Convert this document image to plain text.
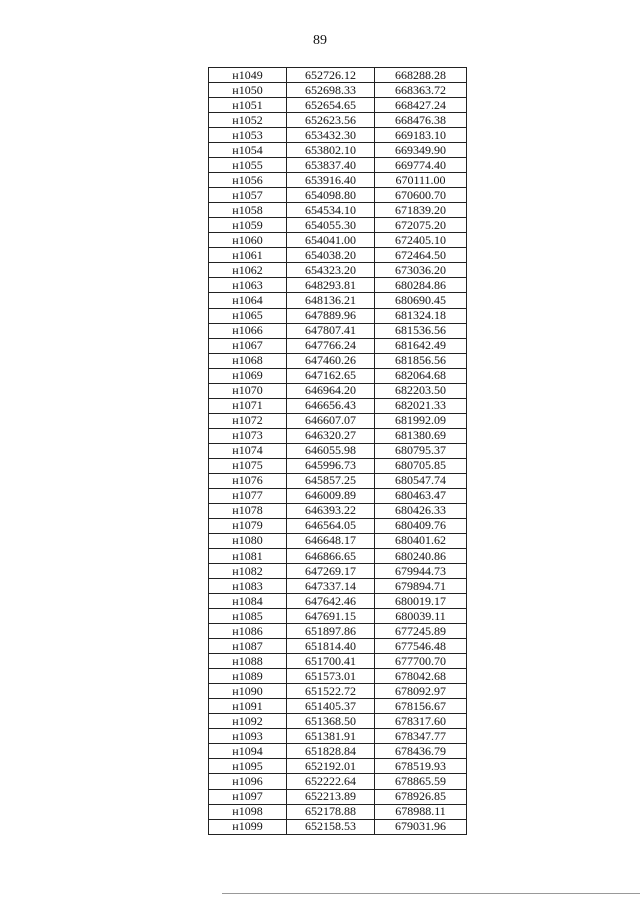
89
н1049	652726.12	668288.28
н1050	652698.33	668363.72
н1051	652654.65	668427.24
н1052	652623.56	668476.38
н1053	653432.30	669183.10
н1054	653802.10	669349.90
н1055	653837.40	669774.40
н1056	653916.40	670111.00
н1057	654098.80	670600.70
н1058	654534.10	671839.20
н1059	654055.30	672075.20
н1060	654041.00	672405.10
н1061	654038.20	672464.50
н1062	654323.20	673036.20
н1063	648293.81	680284.86
н1064	648136.21	680690.45
н1065	647889.96	681324.18
н1066	647807.41	681536.56
н1067	647766.24	681642.49
н1068	647460.26	681856.56
н1069	647162.65	682064.68
н1070	646964.20	682203.50
н1071	646656.43	682021.33
н1072	646607.07	681992.09
н1073	646320.27	681380.69
н1074	646055.98	680795.37
н1075	645996.73	680705.85
н1076	645857.25	680547.74
н1077	646009.89	680463.47
н1078	646393.22	680426.33
н1079	646564.05	680409.76
н1080	646648.17	680401.62
н1081	646866.65	680240.86
н1082	647269.17	679944.73
н1083	647337.14	679894.71
н1084	647642.46	680019.17
н1085	647691.15	680039.11
н1086	651897.86	677245.89
н1087	651814.40	677546.48
н1088	651700.41	677700.70
н1089	651573.01	678042.68
н1090	651522.72	678092.97
н1091	651405.37	678156.67
н1092	651368.50	678317.60
н1093	651381.91	678347.77
н1094	651828.84	678436.79
н1095	652192.01	678519.93
н1096	652222.64	678865.59
н1097	652213.89	678926.85
н1098	652178.88	678988.11
н1099	652158.53	679031.96
